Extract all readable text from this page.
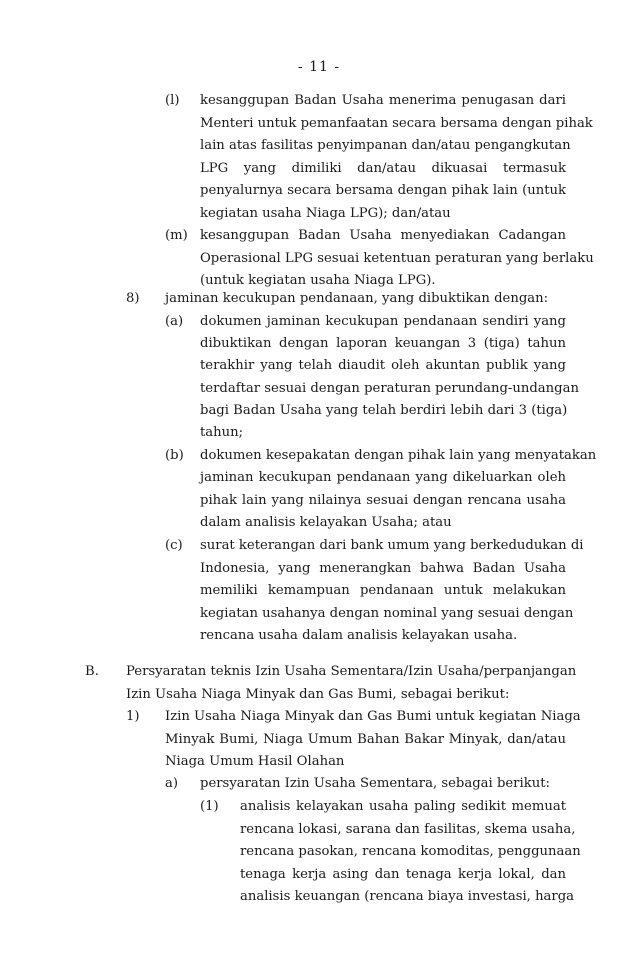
- 11 -
(l) kesanggupan Badan Usaha menerima penugasan dari
Menteri untuk pemanfaatan secara bersama dengan pihak
lain atas fasilitas penyimpanan dan/atau pengangkutan
LPG yang dimiliki dan/atau dikuasai termasuk
penyalurnya secara bersama dengan pihak lain (untuk
kegiatan usaha Niaga LPG); dan/atau
(m) kesanggupan Badan Usaha menyediakan Cadangan
Operasional LPG sesuai ketentuan peraturan yang berlaku
(untuk kegiatan usaha Niaga LPG).
8) jaminan kecukupan pendanaan, yang dibuktikan dengan:
(a) dokumen jaminan kecukupan pendanaan sendiri yang
dibuktikan dengan laporan keuangan 3 (tiga) tahun
terakhir yang telah diaudit oleh akuntan publik yang
terdaftar sesuai dengan peraturan perundang-undangan
bagi Badan Usaha yang telah berdiri lebih dari 3 (tiga)
tahun;
(b) dokumen kesepakatan dengan pihak lain yang menyatakan
jaminan kecukupan pendanaan yang dikeluarkan oleh
pihak lain yang nilainya sesuai dengan rencana usaha
dalam analisis kelayakan Usaha; atau
(c) surat keterangan dari bank umum yang berkedudukan di
Indonesia, yang menerangkan bahwa Badan Usaha
memiliki kemampuan pendanaan untuk melakukan
kegiatan usahanya dengan nominal yang sesuai dengan
rencana usaha dalam analisis kelayakan usaha.
B. Persyaratan teknis Izin Usaha Sementara/Izin Usaha/perpanjangan
Izin Usaha Niaga Minyak dan Gas Bumi, sebagai berikut:
1) Izin Usaha Niaga Minyak dan Gas Bumi untuk kegiatan Niaga
Minyak Bumi, Niaga Umum Bahan Bakar Minyak, dan/atau
Niaga Umum Hasil Olahan
a) persyaratan Izin Usaha Sementara, sebagai berikut:
(1) analisis kelayakan usaha paling sedikit memuat
rencana lokasi, sarana dan fasilitas, skema usaha,
rencana pasokan, rencana komoditas, penggunaan
tenaga kerja asing dan tenaga kerja lokal, dan
analisis keuangan (rencana biaya investasi, harga
